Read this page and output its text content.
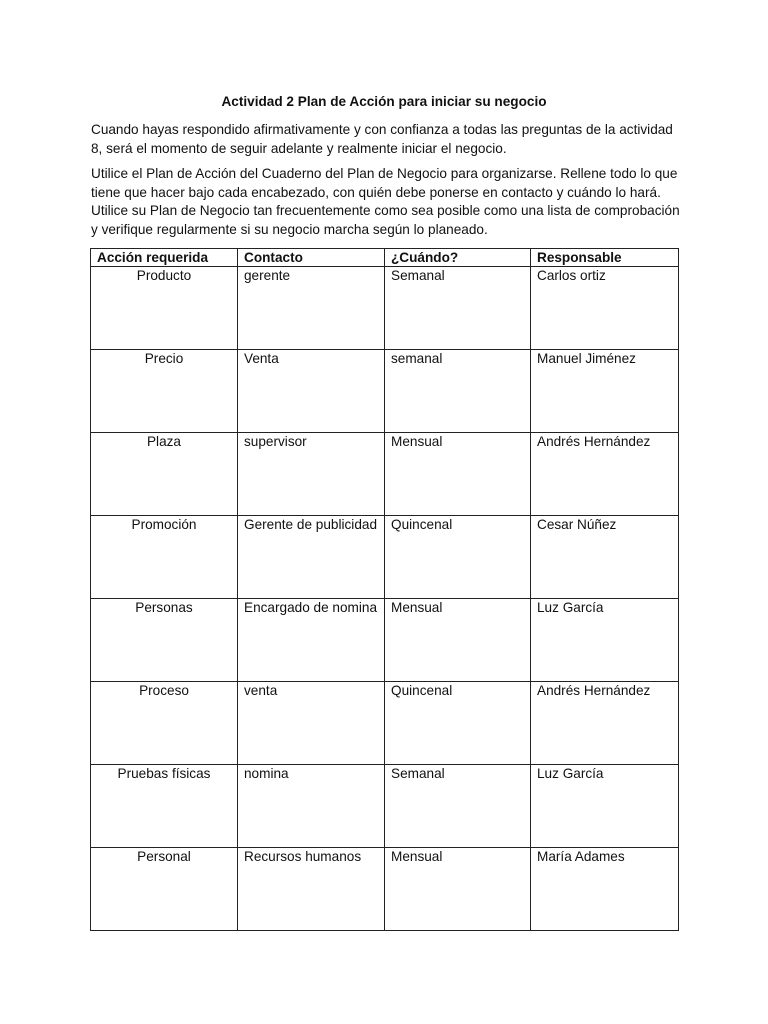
Actividad 2 Plan de Acción para iniciar su negocio

Cuando hayas respondido afirmativamente y con confianza a todas las preguntas de la actividad 8, será el momento de seguir adelante y realmente iniciar el negocio.

Utilice el Plan de Acción del Cuaderno del Plan de Negocio para organizarse. Rellene todo lo que tiene que hacer bajo cada encabezado, con quién debe ponerse en contacto y cuándo lo hará. Utilice su Plan de Negocio tan frecuentemente como sea posible como una lista de comprobación y verifique regularmente si su negocio marcha según lo planeado.

Acción requerida	Contacto	¿Cuándo?	Responsable
Producto	gerente	Semanal	Carlos ortiz
Precio	Venta	semanal	Manuel Jiménez
Plaza	supervisor	Mensual	Andrés Hernández
Promoción	Gerente de publicidad	Quincenal	Cesar Núñez
Personas	Encargado de nomina	Mensual	Luz García
Proceso	venta	Quincenal	Andrés Hernández
Pruebas físicas	nomina	Semanal	Luz García
Personal	Recursos humanos	Mensual	María Adames
